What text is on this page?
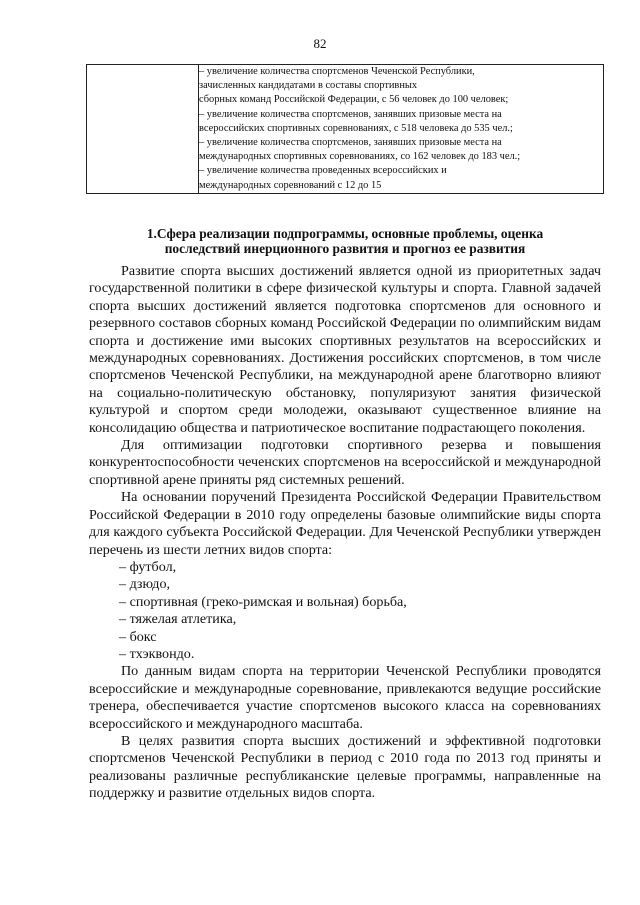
82

– увеличение количества спортсменов Чеченской Республики,
зачисленных кандидатами в составы спортивных
сборных команд Российской Федерации, с 56 человек до 100 человек;
– увеличение количества спортсменов, занявших призовые места на
всероссийских спортивных соревнованиях, с 518 человека до 535 чел.;
– увеличение количества спортсменов, занявших призовые места на
международных спортивных соревнованиях, со 162 человек до 183 чел.;
– увеличение количества проведенных всероссийских и
международных соревнований с 12 до 15
1.Сфера реализации подпрограммы, основные проблемы, оценка
последствий инерционного развития и прогноз ее развития

Развитие спорта высших достижений является одной из приоритетных задач государственной политики в сфере физической культуры и спорта. Главной задачей спорта высших достижений является подготовка спортсменов для основного и резервного составов сборных команд Российской Федерации по олимпийским видам спорта и достижение ими высоких спортивных результатов на всероссийских и международных соревнованиях. Достижения российских спортсменов, в том числе спортсменов Чеченской Республики, на международной арене благотворно влияют на социально-политическую обстановку, популяризуют занятия физической культурой и спортом среди молодежи, оказывают существенное влияние на консолидацию общества и патриотическое воспитание подрастающего поколения.

Для оптимизации подготовки спортивного резерва и повышения конкурентоспособности чеченских спортсменов на всероссийской и международной спортивной арене приняты ряд системных решений.

На основании поручений Президента Российской Федерации Правительством Российской Федерации в 2010 году определены базовые олимпийские виды спорта для каждого субъекта Российской Федерации. Для Чеченской Республики утвержден перечень из шести летних видов спорта:

– футбол,
– дзюдо,
– спортивная (греко-римская и вольная) борьба,
– тяжелая атлетика,
– бокс
– тхэквондо.

По данным видам спорта на территории Чеченской Республики проводятся всероссийские и международные соревнование, привлекаются ведущие российские тренера, обеспечивается участие спортсменов высокого класса на соревнованиях всероссийского и международного масштаба.

В целях развития спорта высших достижений и эффективной подготовки спортсменов Чеченской Республики в период с 2010 года по 2013 год приняты и реализованы различные республиканские целевые программы, направленные на поддержку и развитие отдельных видов спорта.
